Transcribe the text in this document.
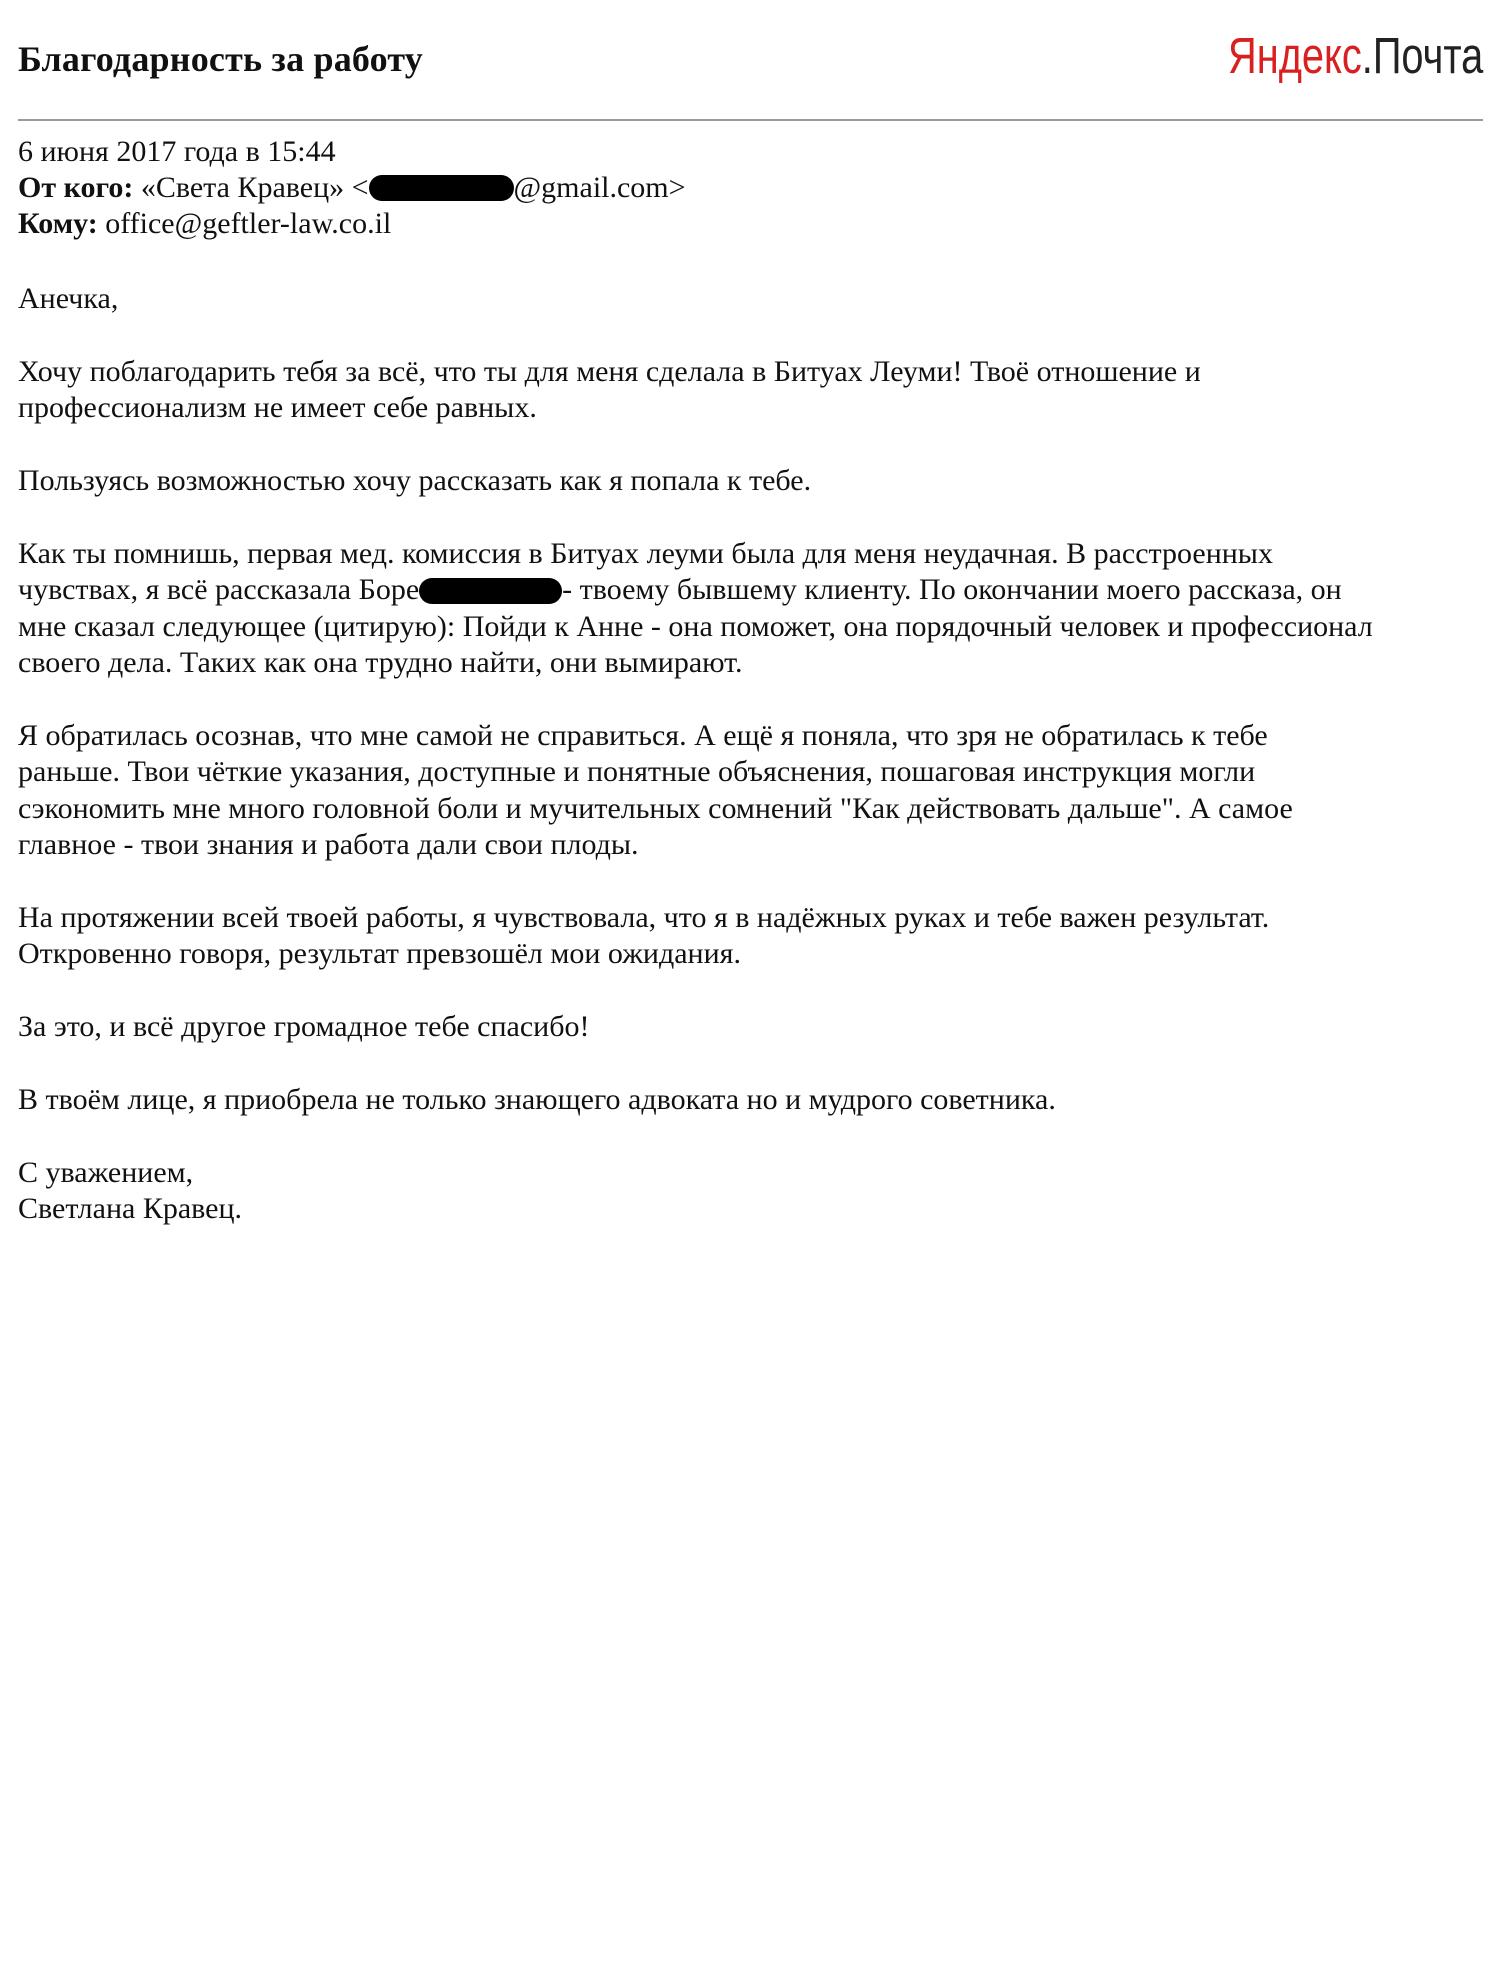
Благодарность за работу	Яндекс.Почта
6 июня 2017 года в 15:44
От кого: «Света Кравец» <	@gmail.com>
Кому: office@geftler-law.co.il

Анечка,

Хочу поблагодарить тебя за всё, что ты для меня сделала в Битуах Леуми! Твоё отношение и
профессионализм не имеет себе равных.

Пользуясь возможностью хочу рассказать как я попала к тебе.

Как ты помнишь, первая мед. комиссия в Битуах леуми была для меня неудачная. В расстроенных
чувствах, я всё рассказала Боре	- твоему бывшему клиенту. По окончании моего рассказа, он
мне сказал следующее (цитирую): Пойди к Анне - она поможет, она порядочный человек и профессионал
своего дела. Таких как она трудно найти, они вымирают.

Я обратилась осознав, что мне самой не справиться. А ещё я поняла, что зря не обратилась к тебе
раньше. Твои чёткие указания, доступные и понятные объяснения, пошаговая инструкция могли
сэкономить мне много головной боли и мучительных сомнений "Как действовать дальше". А самое
главное - твои знания и работа дали свои плоды.

На протяжении всей твоей работы, я чувствовала, что я в надёжных руках и тебе важен результат.
Откровенно говоря, результат превзошёл мои ожидания.

За это, и всё другое громадное тебе спасибо!

В твоём лице, я приобрела не только знающего адвоката но и мудрого советника.

С уважением,
Светлана Кравец.
